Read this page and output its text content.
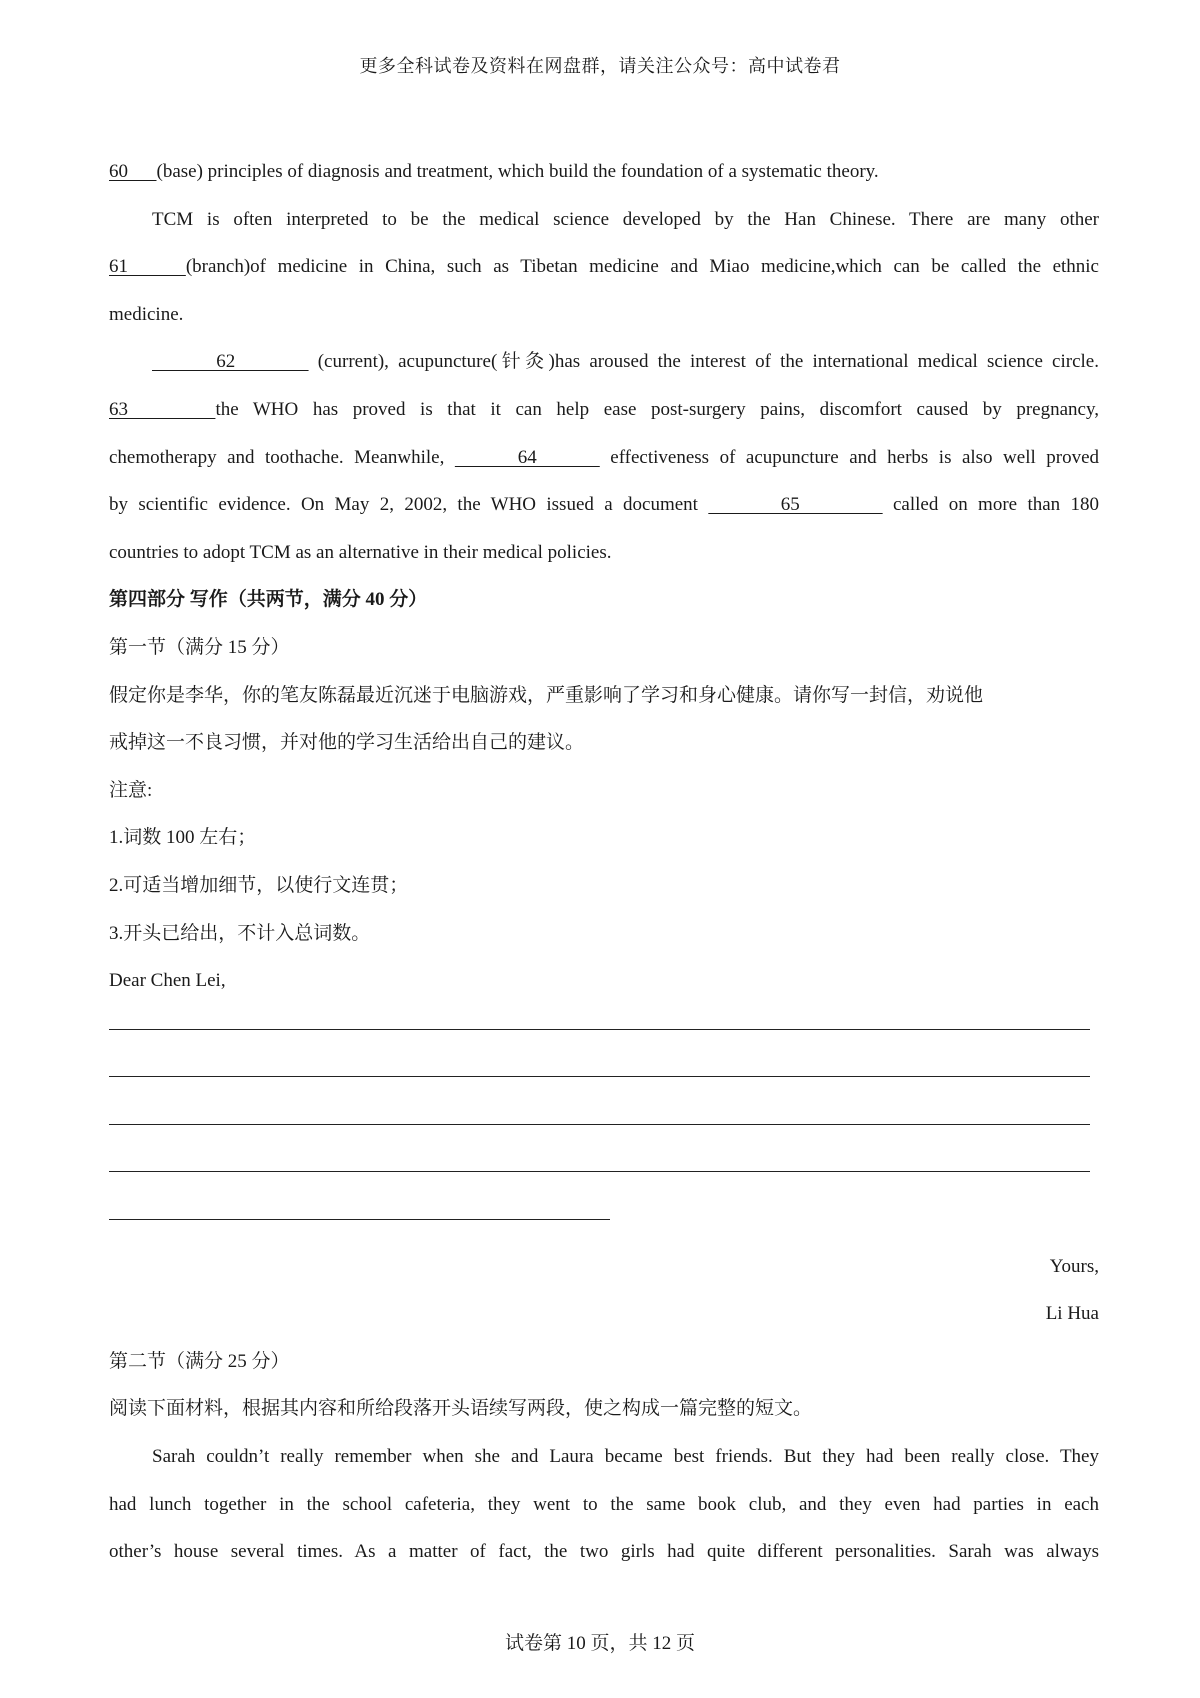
更多全科试卷及资料在网盘群，请关注公众号：高中试卷君
60      (base) principles of diagnosis and treatment, which build the foundation of a systematic theory.
TCM is often interpreted to be the medical science developed by the Han Chinese. There are many other
61     (branch)of medicine in China, such as Tibetan medicine and Miao medicine,which can be called the ethnic
medicine.
62         (current), acupuncture(针灸)has aroused the interest of the international medical science circle.
63      the WHO has proved is that it can help ease post-surgery pains, discomfort caused by pregnancy,
chemotherapy and toothache. Meanwhile,       64       effectiveness of acupuncture and herbs is also well proved
by scientific evidence. On May 2, 2002, the WHO issued a document        65         called on more than 180
countries to adopt TCM as an alternative in their medical policies.
第四部分 写作（共两节，满分 40 分）
第一节（满分 15 分）
假定你是李华，你的笔友陈磊最近沉迷于电脑游戏，严重影响了学习和身心健康。请你写一封信，劝说他
戒掉这一不良习惯，并对他的学习生活给出自己的建议。
注意:
1.词数 100 左右；
2.可适当增加细节，以使行文连贯；
3.开头已给出，不计入总词数。
Dear Chen Lei,
Yours,
Li Hua
第二节（满分 25 分）
阅读下面材料，根据其内容和所给段落开头语续写两段，使之构成一篇完整的短文。
Sarah couldn’t really remember when she and Laura became best friends. But they had been really close. They
had lunch together in the school cafeteria, they went to the same book club, and they even had parties in each
other’s house several times. As a matter of fact, the two girls had quite different personalities. Sarah was always
试卷第 10 页，共 12 页
